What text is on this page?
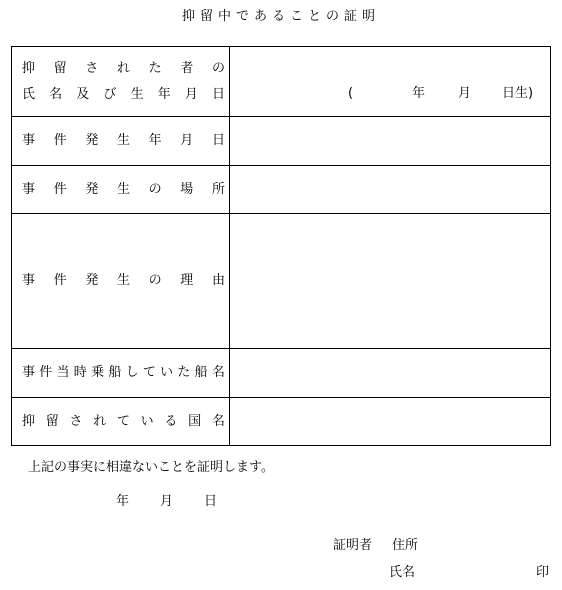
抑留中であることの証明
抑 留 さ れ た 者 の
氏 名 及 び 生 年 月 日	(	年	月 日生)
事 件 発 生 年 月 日
事 件 発 生 の 場 所
事 件 発 生 の 理 由
事 件 当 時 乗 船 し て い た 船 名
抑 留 さ れ て い る 国 名
上記の事実に相違ないことを証明します。
年 月 日
証明者 住所
氏名	印
